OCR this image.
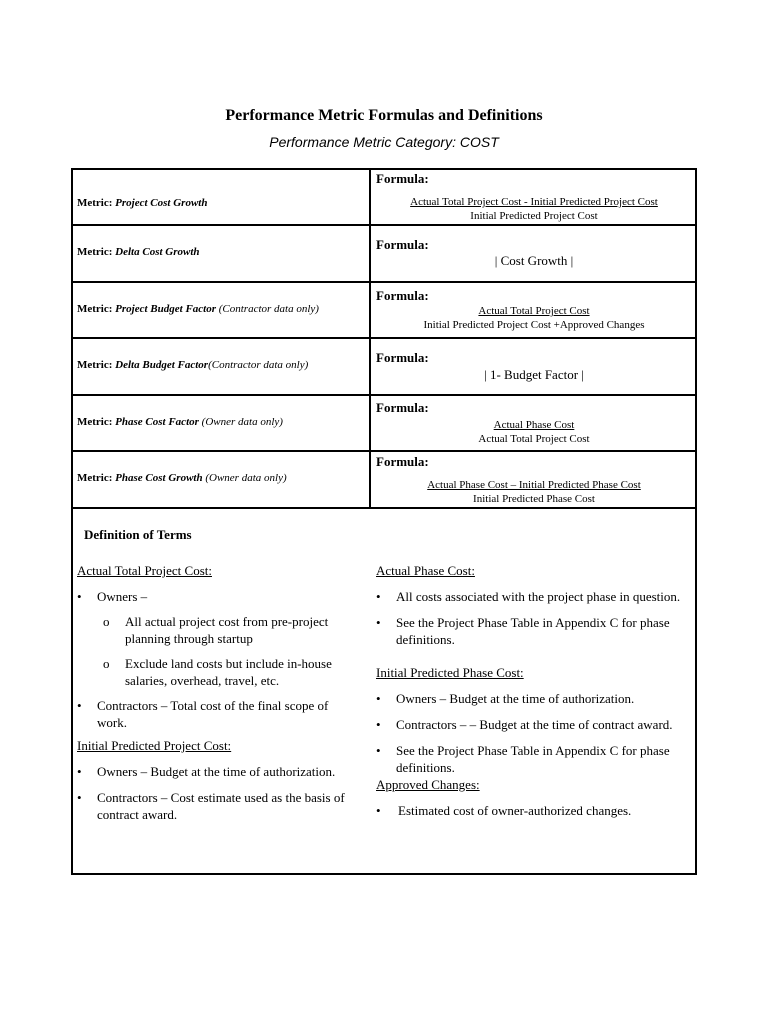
Performance Metric Formulas and Definitions
Performance Metric Category: COST
Metric: Project Cost Growth
Formula:
Actual Total Project Cost - Initial Predicted Project Cost
Initial Predicted Project Cost
Metric: Delta Cost Growth	Formula:
| Cost Growth |
Metric: Project Budget Factor (Contractor data only)
Formula:
Actual Total Project Cost
Initial Predicted Project Cost +Approved Changes
Metric: Delta Budget Factor(Contractor data only)	Formula:
| 1- Budget Factor |
Metric: Phase Cost Factor (Owner data only)
Formula:
Actual Phase Cost
Actual Total Project Cost
Metric: Phase Cost Growth (Owner data only)
Formula:
Actual Phase Cost – Initial Predicted Phase Cost
Initial Predicted Phase Cost
Definition of Terms
Actual Total Project Cost:
• Owners –
o All actual project cost from pre-project planning through startup
o Exclude land costs but include in-house salaries, overhead, travel, etc.
• Contractors – Total cost of the final scope of work.
Initial Predicted Project Cost:
• Owners – Budget at the time of authorization.
• Contractors – Cost estimate used as the basis of contract award.
Actual Phase Cost:
• All costs associated with the project phase in question.
• See the Project Phase Table in Appendix C for phase definitions.
Initial Predicted Phase Cost:
• Owners – Budget at the time of authorization.
• Contractors – – Budget at the time of contract award.
• See the Project Phase Table in Appendix C for phase definitions.
Approved Changes:
• Estimated cost of owner-authorized changes.
